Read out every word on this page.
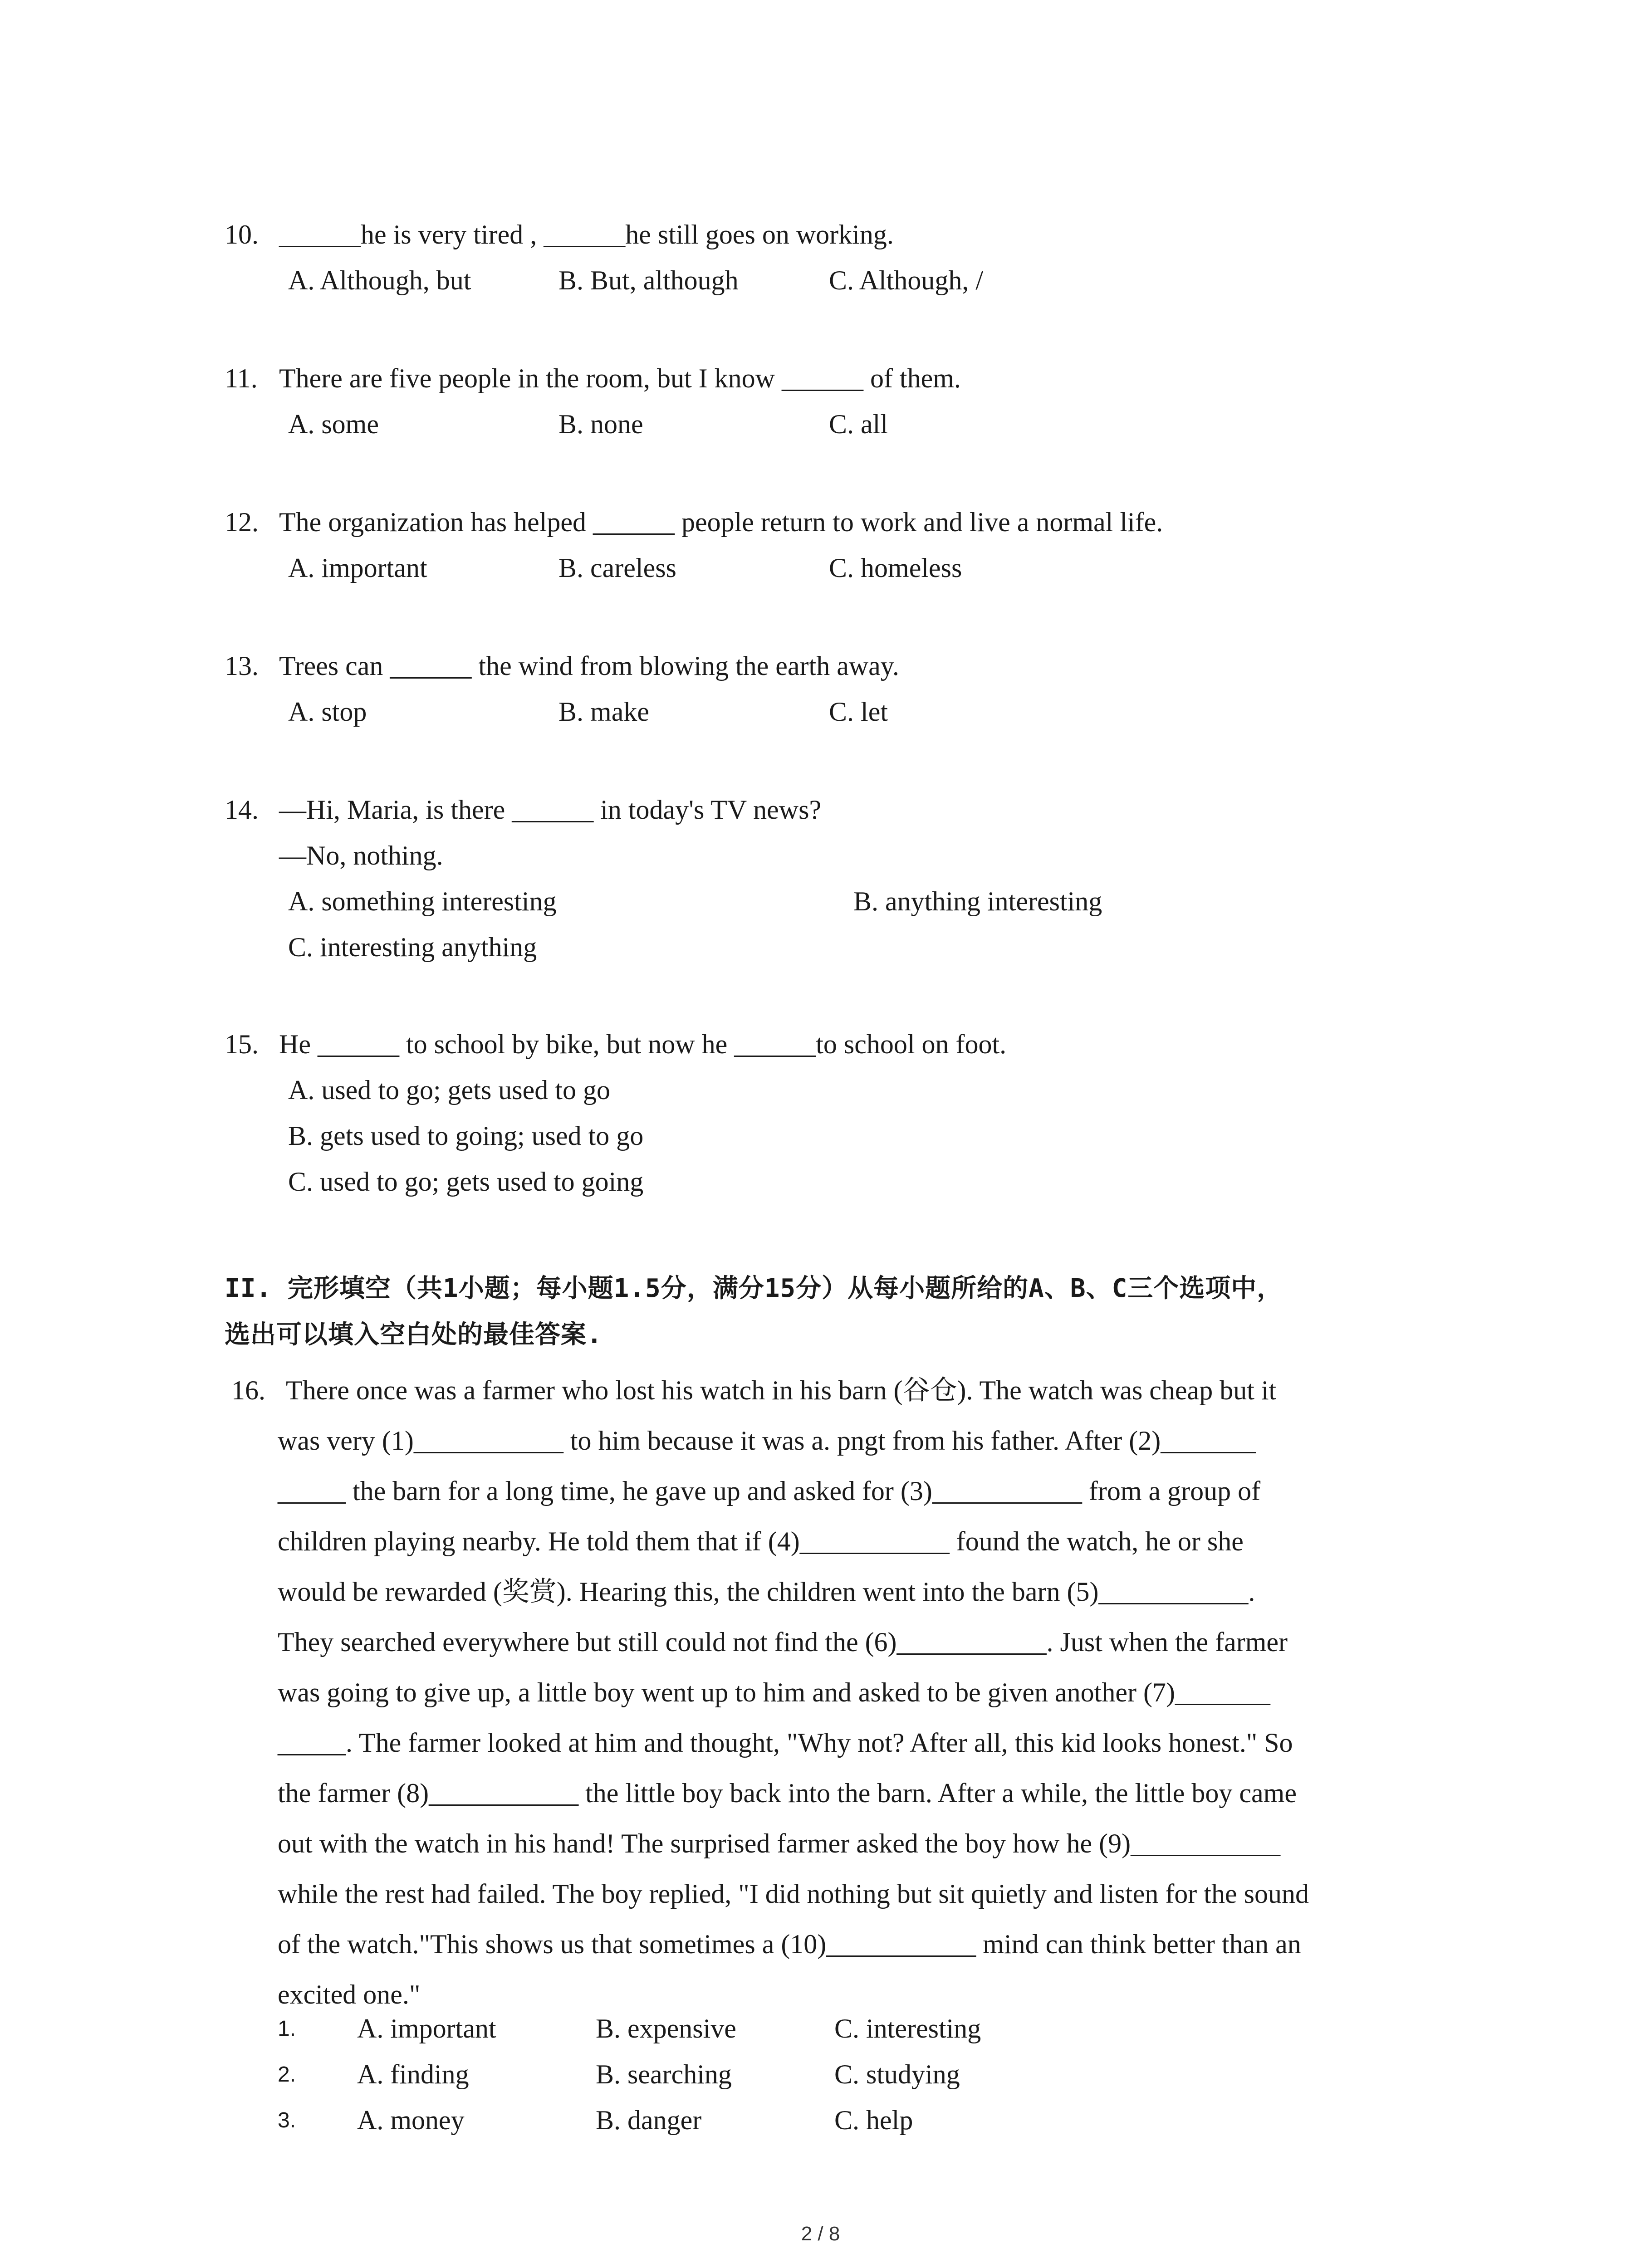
10. ______he is very tired , ______he still goes on working.
A. Although, but	B. But, although	C. Although, /
11. There are five people in the room, but I know ______ of them.
A. some	B. none	C. all
12. The organization has helped ______ people return to work and live a normal life.
A. important	B. careless	C. homeless
13. Trees can ______ the wind from blowing the earth away.
A. stop	B. make	C. let
14. —Hi, Maria, is there ______ in today's TV news?
—No, nothing.
A. something interesting	B. anything interesting
C. interesting anything
15. He ______ to school by bike, but now he ______to school on foot.
A. used to go; gets used to go
B. gets used to going; used to go
C. used to go; gets used to going
II. 完形填空（共1小题；每小题1.5分，满分15分）从每小题所给的A、B、C三个选项中，
选出可以填入空白处的最佳答案.
16. There once was a farmer who lost his watch in his barn (谷仓). The watch was cheap but it
was very (1)___________ to him because it was a. pngt from his father. After (2)_______
_____ the barn for a long time, he gave up and asked for (3)___________ from a group of
children playing nearby. He told them that if (4)___________ found the watch, he or she
would be rewarded (奖赏). Hearing this, the children went into the barn (5)___________.
They searched everywhere but still could not find the (6)___________. Just when the farmer
was going to give up, a little boy went up to him and asked to be given another (7)_______
_____. The farmer looked at him and thought, "Why not? After all, this kid looks honest." So
the farmer (8)___________ the little boy back into the barn. After a while, the little boy came
out with the watch in his hand! The surprised farmer asked the boy how he (9)___________
while the rest had failed. The boy replied, "I did nothing but sit quietly and listen for the sound
of the watch."This shows us that sometimes a (10)___________ mind can think better than an
excited one."
1.	A. important	B. expensive	C. interesting
2.	A. finding	B. searching	C. studying
3.	A. money	B. danger	C. help
2 / 8
